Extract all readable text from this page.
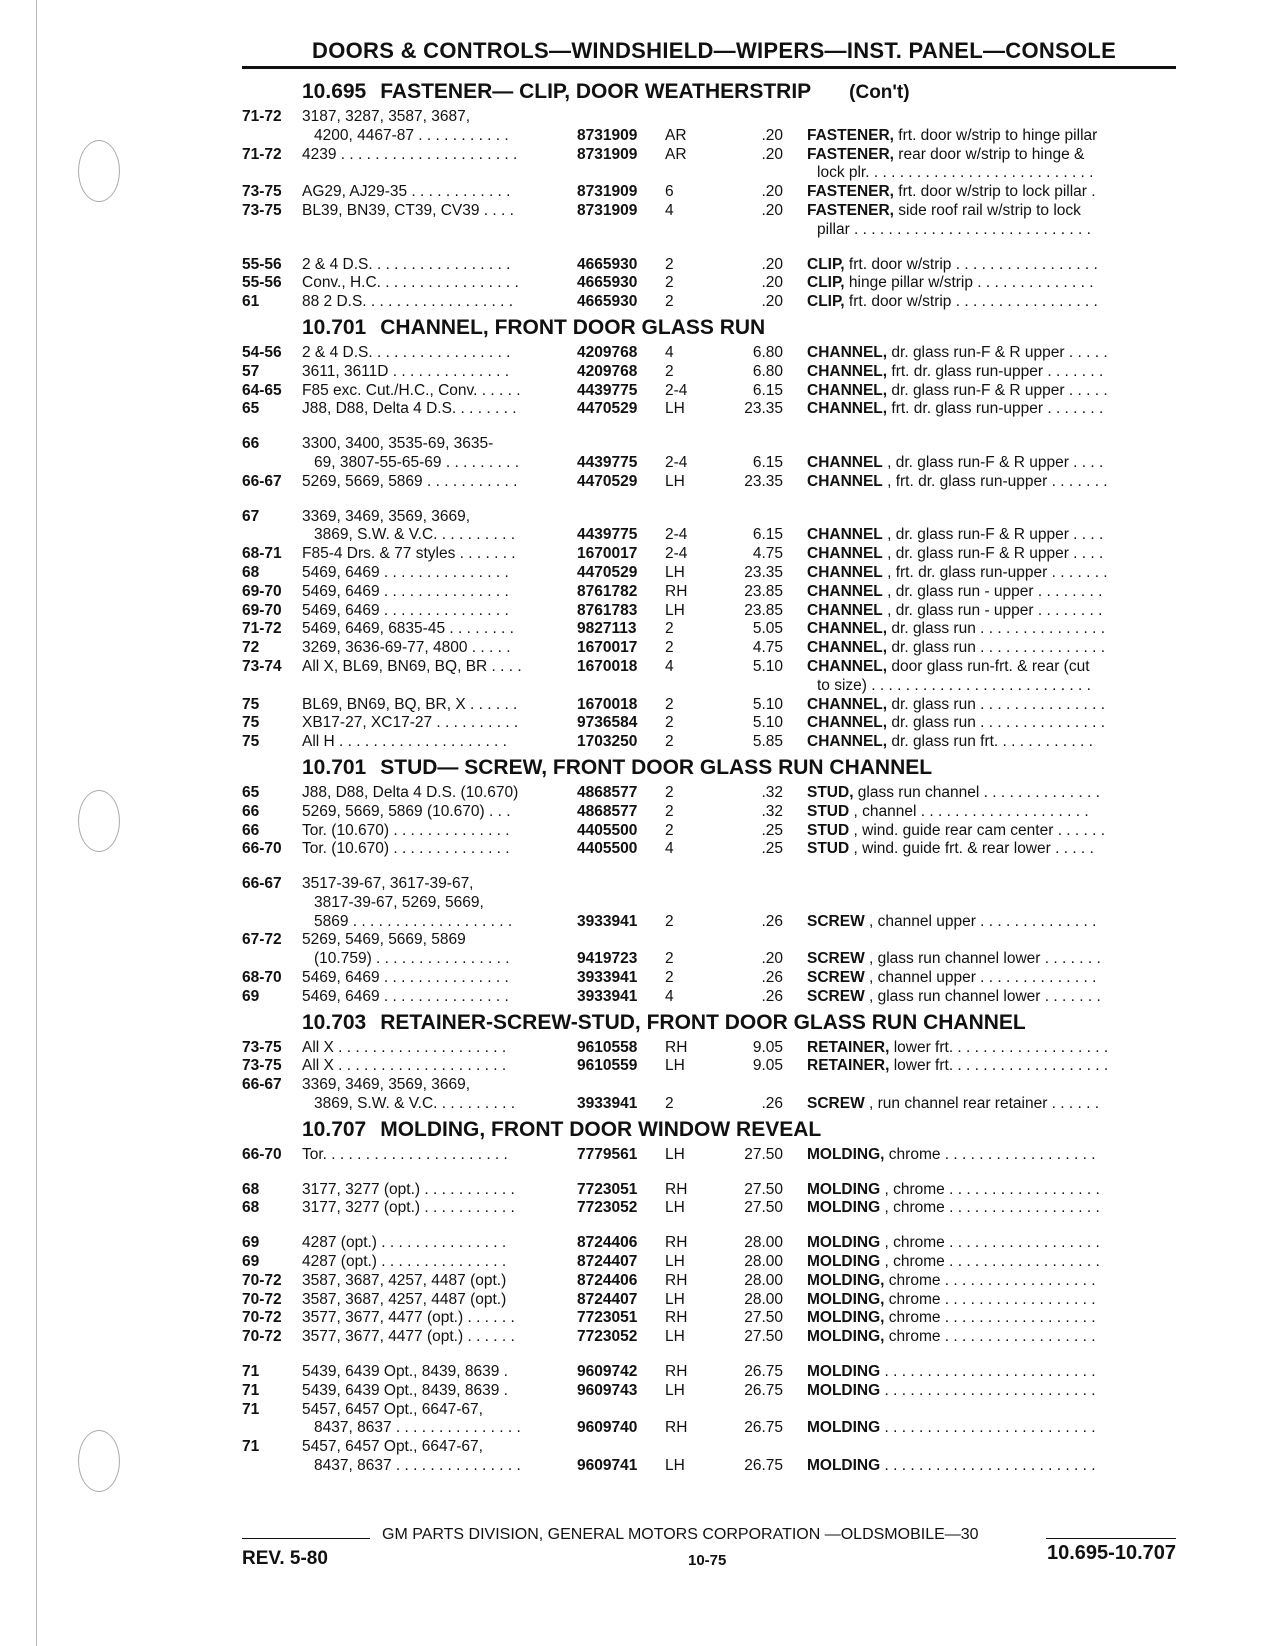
DOORS & CONTROLS—WINDSHIELD—WIPERS—INST. PANEL—CONSOLE
10.695 FASTENER— CLIP, DOOR WEATHERSTRIP (Con't)
71-72	3187, 3287, 3587, 3687,
4200, 4467-87 . . . . . . . . . . .	8731909	AR	.20	FASTENER, frt. door w/strip to hinge pillar
71-72	4239 . . . . . . . . . . . . . . . . . . . . .	8731909	AR	.20	FASTENER, rear door w/strip to hinge &
lock plr. . . . . . . . . . . . . . . . . . . . . . . . . . .
73-75	AG29, AJ29-35 . . . . . . . . . . . .	8731909	6	.20	FASTENER, frt. door w/strip to lock pillar .
73-75	BL39, BN39, CT39, CV39 . . . .	8731909	4	.20	FASTENER, side roof rail w/strip to lock
pillar . . . . . . . . . . . . . . . . . . . . . . . . . . . .
55-56	2 & 4 D.S. . . . . . . . . . . . . . . . .	4665930	2	.20	CLIP, frt. door w/strip . . . . . . . . . . . . . . . . .
55-56	Conv., H.C. . . . . . . . . . . . . . . . .	4665930	2	.20	CLIP, hinge pillar w/strip . . . . . . . . . . . . . .
61	88 2 D.S. . . . . . . . . . . . . . . . . .	4665930	2	.20	CLIP, frt. door w/strip . . . . . . . . . . . . . . . . .
10.701 CHANNEL, FRONT DOOR GLASS RUN
54-56	2 & 4 D.S. . . . . . . . . . . . . . . . .	4209768	4	6.80	CHANNEL, dr. glass run-F & R upper . . . . .
57	3611, 3611D . . . . . . . . . . . . . .	4209768	2	6.80	CHANNEL, frt. dr. glass run-upper . . . . . . .
64-65	F85 exc. Cut./H.C., Conv. . . . . .	4439775	2-4	6.15	CHANNEL, dr. glass run-F & R upper . . . . .
65	J88, D88, Delta 4 D.S. . . . . . . .	4470529	LH	23.35	CHANNEL, frt. dr. glass run-upper . . . . . . .
66	3300, 3400, 3535-69, 3635-
69, 3807-55-65-69 . . . . . . . . .	4439775	2-4	6.15	CHANNEL , dr. glass run-F & R upper . . . .
66-67	5269, 5669, 5869 . . . . . . . . . . .	4470529	LH	23.35	CHANNEL , frt. dr. glass run-upper . . . . . . .
67	3369, 3469, 3569, 3669,
3869, S.W. & V.C. . . . . . . . . .	4439775	2-4	6.15	CHANNEL , dr. glass run-F & R upper . . . .
68-71	F85-4 Drs. & 77 styles . . . . . . .	1670017	2-4	4.75	CHANNEL , dr. glass run-F & R upper . . . .
68	5469, 6469 . . . . . . . . . . . . . . .	4470529	LH	23.35	CHANNEL , frt. dr. glass run-upper . . . . . . .
69-70	5469, 6469 . . . . . . . . . . . . . . .	8761782	RH	23.85	CHANNEL , dr. glass run - upper . . . . . . . .
69-70	5469, 6469 . . . . . . . . . . . . . . .	8761783	LH	23.85	CHANNEL , dr. glass run - upper . . . . . . . .
71-72	5469, 6469, 6835-45 . . . . . . . .	9827113	2	5.05	CHANNEL, dr. glass run . . . . . . . . . . . . . . .
72	3269, 3636-69-77, 4800 . . . . .	1670017	2	4.75	CHANNEL, dr. glass run . . . . . . . . . . . . . . .
73-74	All X, BL69, BN69, BQ, BR . . . .	1670018	4	5.10	CHANNEL, door glass run-frt. & rear (cut
to size) . . . . . . . . . . . . . . . . . . . . . . . . . .
75	BL69, BN69, BQ, BR, X . . . . . .	1670018	2	5.10	CHANNEL, dr. glass run . . . . . . . . . . . . . . .
75	XB17-27, XC17-27 . . . . . . . . . .	9736584	2	5.10	CHANNEL, dr. glass run . . . . . . . . . . . . . . .
75	All H . . . . . . . . . . . . . . . . . . . .	1703250	2	5.85	CHANNEL, dr. glass run frt. . . . . . . . . . . .
10.701 STUD— SCREW, FRONT DOOR GLASS RUN CHANNEL
65	J88, D88, Delta 4 D.S. (10.670)	4868577	2	.32	STUD, glass run channel . . . . . . . . . . . . . .
66	5269, 5669, 5869 (10.670) . . .	4868577	2	.32	STUD , channel . . . . . . . . . . . . . . . . . . . .
66	Tor. (10.670) . . . . . . . . . . . . . .	4405500	2	.25	STUD , wind. guide rear cam center . . . . . .
66-70	Tor. (10.670) . . . . . . . . . . . . . .	4405500	4	.25	STUD , wind. guide frt. & rear lower . . . . .
66-67	3517-39-67, 3617-39-67,
3817-39-67, 5269, 5669,
5869 . . . . . . . . . . . . . . . . . . .	3933941	2	.26	SCREW , channel upper . . . . . . . . . . . . . .
67-72	5269, 5469, 5669, 5869
(10.759) . . . . . . . . . . . . . . . .	9419723	2	.20	SCREW , glass run channel lower . . . . . . .
68-70	5469, 6469 . . . . . . . . . . . . . . .	3933941	2	.26	SCREW , channel upper . . . . . . . . . . . . . .
69	5469, 6469 . . . . . . . . . . . . . . .	3933941	4	.26	SCREW , glass run channel lower . . . . . . .
10.703 RETAINER-SCREW-STUD, FRONT DOOR GLASS RUN CHANNEL
73-75	All X . . . . . . . . . . . . . . . . . . . .	9610558	RH	9.05	RETAINER, lower frt. . . . . . . . . . . . . . . . . . .
73-75	All X . . . . . . . . . . . . . . . . . . . .	9610559	LH	9.05	RETAINER, lower frt. . . . . . . . . . . . . . . . . . .
66-67	3369, 3469, 3569, 3669,
3869, S.W. & V.C. . . . . . . . . .	3933941	2	.26	SCREW , run channel rear retainer . . . . . .
10.707 MOLDING, FRONT DOOR WINDOW REVEAL
66-70	Tor. . . . . . . . . . . . . . . . . . . . . .	7779561	LH	27.50	MOLDING, chrome . . . . . . . . . . . . . . . . . .
68	3177, 3277 (opt.) . . . . . . . . . . .	7723051	RH	27.50	MOLDING , chrome . . . . . . . . . . . . . . . . . .
68	3177, 3277 (opt.) . . . . . . . . . . .	7723052	LH	27.50	MOLDING , chrome . . . . . . . . . . . . . . . . . .
69	4287 (opt.) . . . . . . . . . . . . . . .	8724406	RH	28.00	MOLDING , chrome . . . . . . . . . . . . . . . . . .
69	4287 (opt.) . . . . . . . . . . . . . . .	8724407	LH	28.00	MOLDING , chrome . . . . . . . . . . . . . . . . . .
70-72	3587, 3687, 4257, 4487 (opt.)	8724406	RH	28.00	MOLDING, chrome . . . . . . . . . . . . . . . . . .
70-72	3587, 3687, 4257, 4487 (opt.)	8724407	LH	28.00	MOLDING, chrome . . . . . . . . . . . . . . . . . .
70-72	3577, 3677, 4477 (opt.) . . . . . .	7723051	RH	27.50	MOLDING, chrome . . . . . . . . . . . . . . . . . .
70-72	3577, 3677, 4477 (opt.) . . . . . .	7723052	LH	27.50	MOLDING, chrome . . . . . . . . . . . . . . . . . .
71	5439, 6439 Opt., 8439, 8639 .	9609742	RH	26.75	MOLDING . . . . . . . . . . . . . . . . . . . . . . . . .
71	5439, 6439 Opt., 8439, 8639 .	9609743	LH	26.75	MOLDING . . . . . . . . . . . . . . . . . . . . . . . . .
71	5457, 6457 Opt., 6647-67,
8437, 8637 . . . . . . . . . . . . . . .	9609740	RH	26.75	MOLDING . . . . . . . . . . . . . . . . . . . . . . . . .
71	5457, 6457 Opt., 6647-67,
8437, 8637 . . . . . . . . . . . . . . .	9609741	LH	26.75	MOLDING . . . . . . . . . . . . . . . . . . . . . . . . .
GM PARTS DIVISION, GENERAL MOTORS CORPORATION —OLDSMOBILE—30
REV. 5-80	10-75	10.695-10.707
